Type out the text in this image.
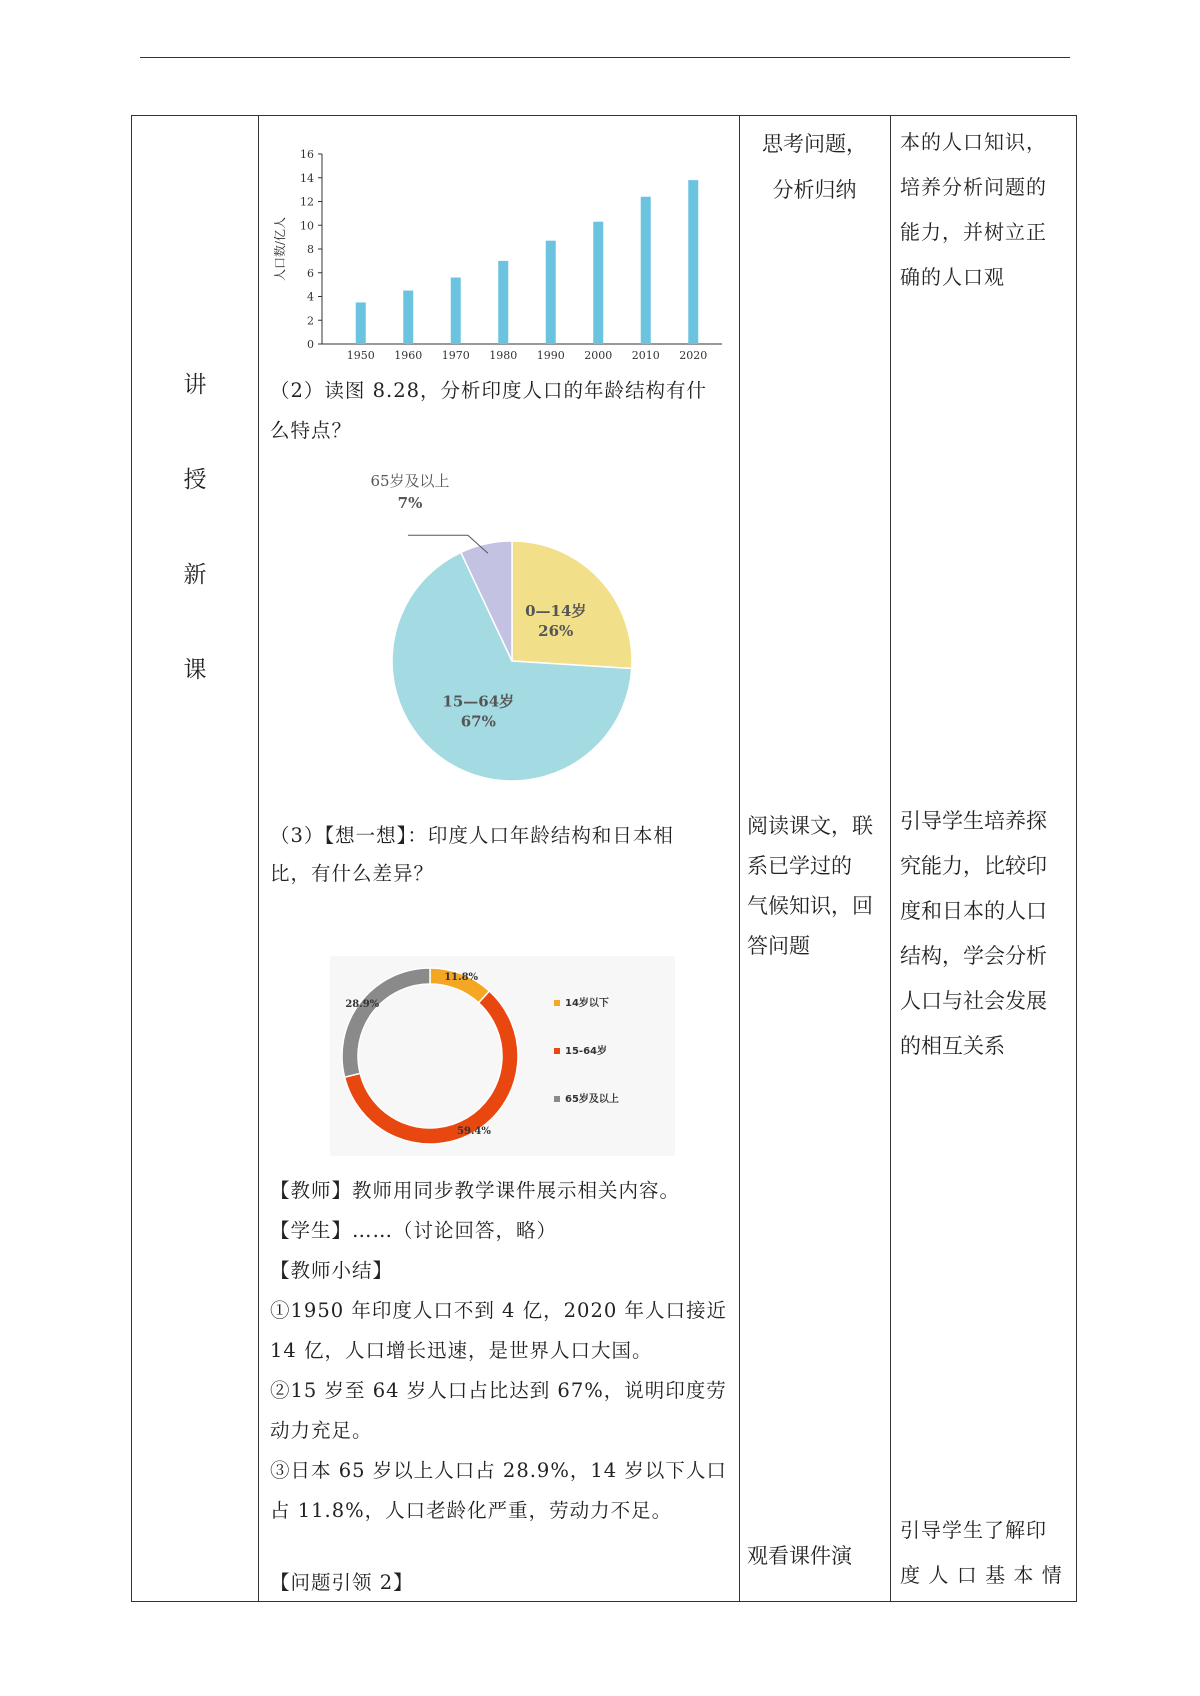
讲
授
新
课
0
2
4
6
8
10
12
14
16
人口数/亿人
1950 1960 1970 1980 1990 2000 2010 2020
（2）读图 8.28，分析印度人口的年龄结构有什
么特点？
0—14岁
26%
15—64岁
67%
65岁及以上
7%
（3）【想一想】：印度人口年龄结构和日本相
比，有什么差异？
11.8%
59.4%
28.9%	14岁以下
15-64岁
65岁及以上
【教师】教师用同步教学课件展示相关内容。
【学生】……（讨论回答，略）
【教师小结】
①1950 年印度人口不到 4 亿，2020 年人口接近
14 亿，人口增长迅速，是世界人口大国。
②15 岁至 64 岁人口占比达到 67%，说明印度劳
动力充足。
③日本 65 岁以上人口占 28.9%，14 岁以下人口
占 11.8%，人口老龄化严重，劳动力不足。
【问题引领 2】
思考问题，
分析归纳
阅读课文，联
系已学过的
气候知识，回
答问题
观看课件演
本的人口知识，
培养分析问题的
能力，并树立正
确的人口观
引导学生培养探
究能力，比较印
度和日本的人口
结构，学会分析
人口与社会发展
的相互关系
引导学生了解印
度 人 口 基 本 情
